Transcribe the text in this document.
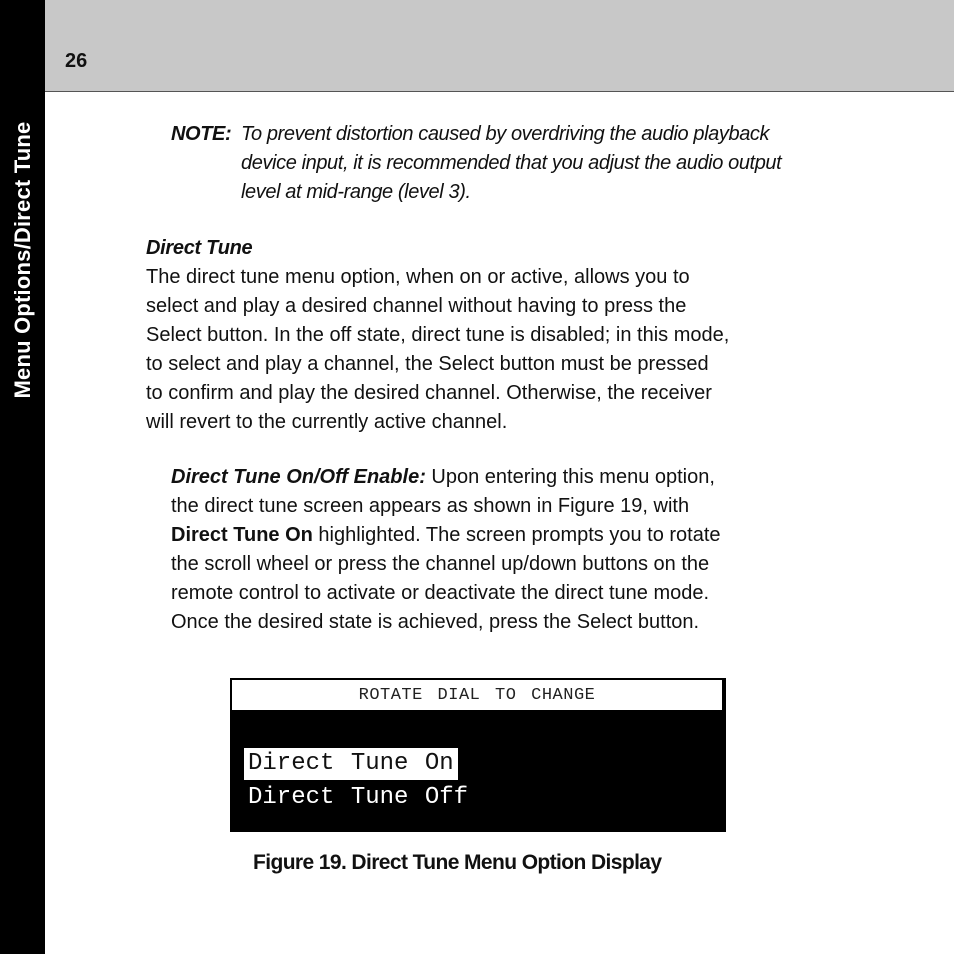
Menu Options/Direct Tune
26
NOTE: To prevent distortion caused by overdriving the audio playback
device input, it is recommended that you adjust the audio output
level at mid-range (level 3).
Direct Tune
The direct tune menu option, when on or active, allows you to
select and play a desired channel without having to press the
Select button. In the off state, direct tune is disabled; in this mode,
to select and play a channel, the Select button must be pressed
to confirm and play the desired channel. Otherwise, the receiver
will revert to the currently active channel.
Direct Tune On/Off Enable: Upon entering this menu option,
the direct tune screen appears as shown in Figure 19, with
Direct Tune On highlighted. The screen prompts you to rotate
the scroll wheel or press the channel up/down buttons on the
remote control to activate or deactivate the direct tune mode.
Once the desired state is achieved, press the Select button.
ROTATE DIAL TO CHANGE
Direct Tune On
Direct Tune Off
Figure 19. Direct Tune Menu Option Display
